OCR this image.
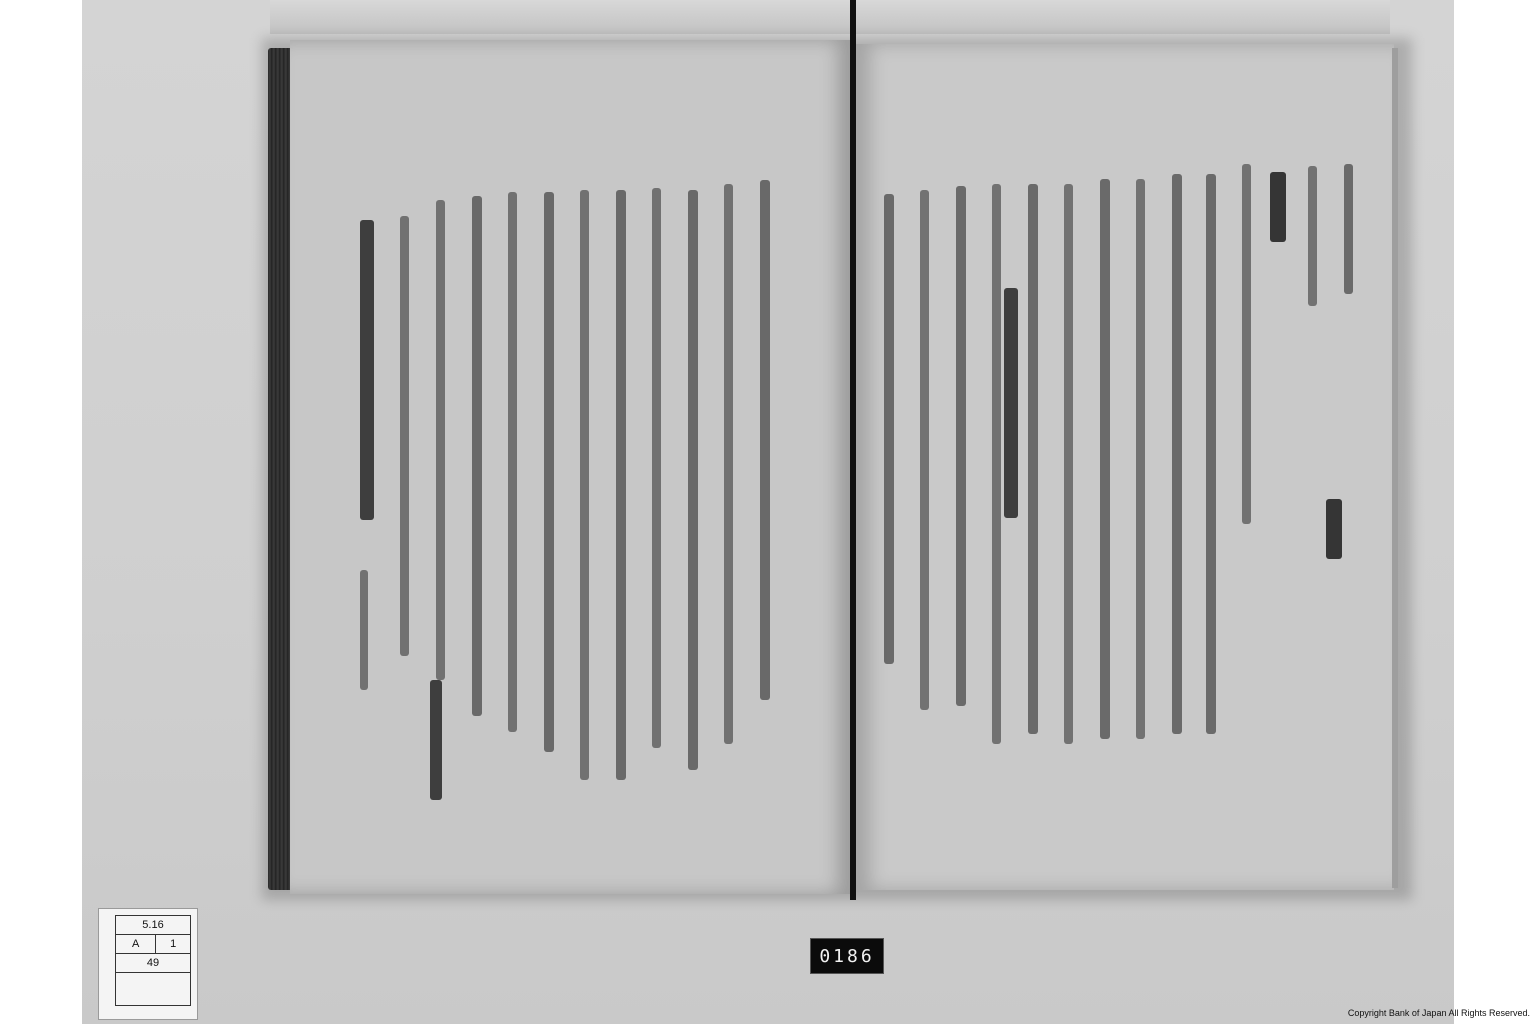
5.16
A	1
49	0186
Copyright Bank of Japan All Rights Reserved.
